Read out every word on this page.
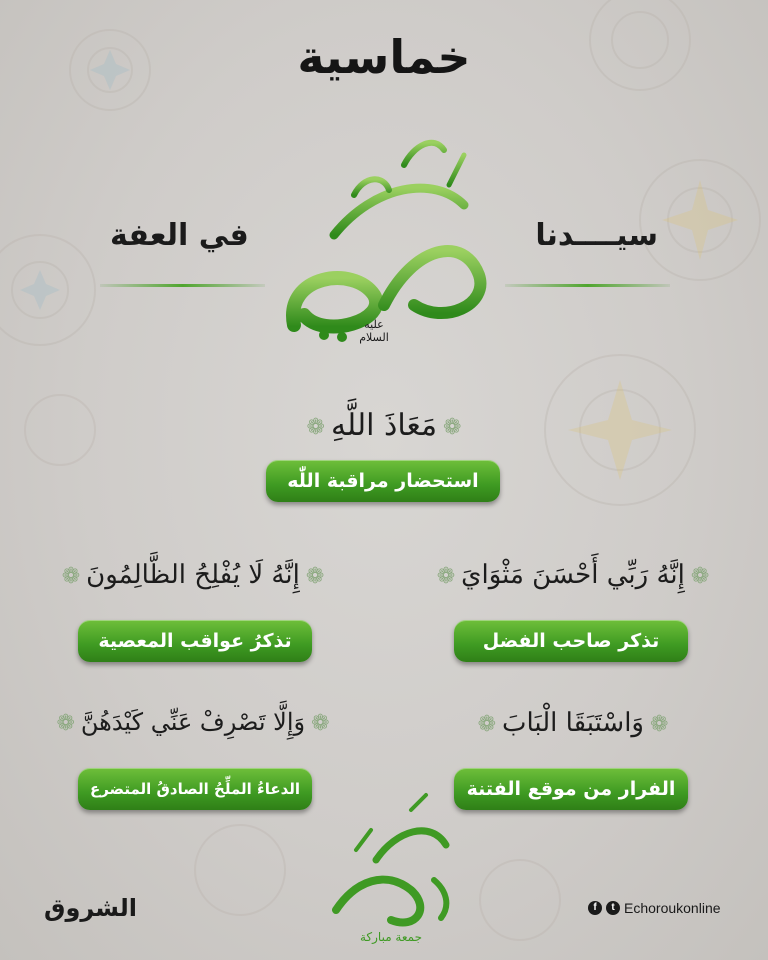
خماسية
سيــــدنا
في العفة
عليه السلام
❁مَعَاذَ اللَّهِ❁
استحضار مراقبة اللّٰه
❁إِنَّهُ رَبِّي أَحْسَنَ مَثْوَايَ❁
تذكر صاحب الفضل
❁إِنَّهُ لَا يُفْلِحُ الظَّالِمُونَ❁
تذكرُ عواقب المعصية
❁وَاسْتَبَقَا الْبَابَ❁
الفرار من موقع الفتنة
❁وَإِلَّا تَصْرِفْ عَنِّي كَيْدَهُنَّ❁
الدعاءُ الملِّحُ الصادقُ المتضرع
جمعة مباركة
f	t Echoroukonline
الشروق
